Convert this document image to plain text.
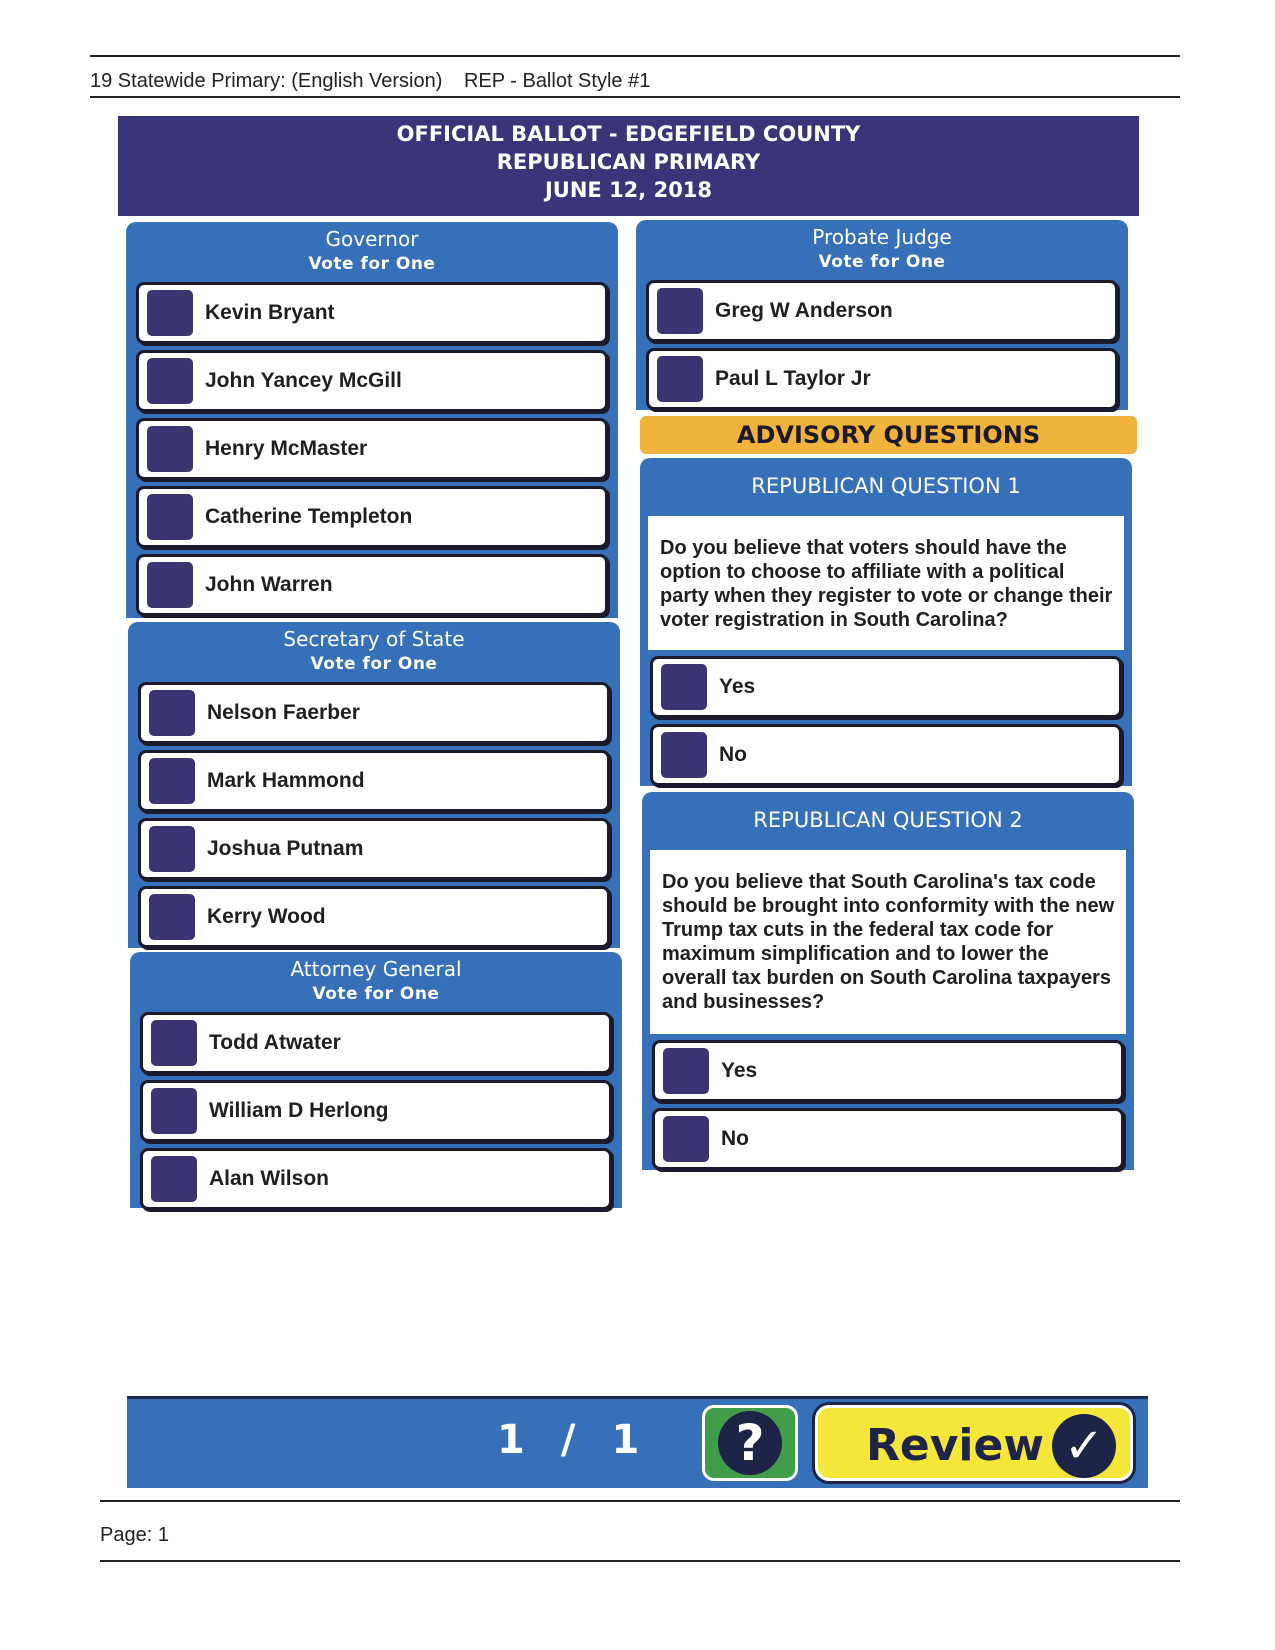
19 Statewide Primary: (English Version) REP - Ballot Style #1
OFFICIAL BALLOT - EDGEFIELD COUNTY
REPUBLICAN PRIMARY
JUNE 12, 2018
Governor
Vote for One
Kevin Bryant
John Yancey McGill
Henry McMaster
Catherine Templeton
John Warren
Secretary of State
Vote for One
Nelson Faerber
Mark Hammond
Joshua Putnam
Kerry Wood
Attorney General
Vote for One
Todd Atwater
William D Herlong
Alan Wilson
Probate Judge
Vote for One
Greg W Anderson
Paul L Taylor Jr
ADVISORY QUESTIONS
REPUBLICAN QUESTION 1
Do you believe that voters should have the option to choose to affiliate with a political party when they register to vote or change their voter registration in South Carolina?
Yes
No
REPUBLICAN QUESTION 2
Do you believe that South Carolina's tax code should be brought into conformity with the new Trump tax cuts in the federal tax code for maximum simplification and to lower the overall tax burden on South Carolina taxpayers and businesses?
Yes
No
1 / 1	?	Review ✓
Page: 1
